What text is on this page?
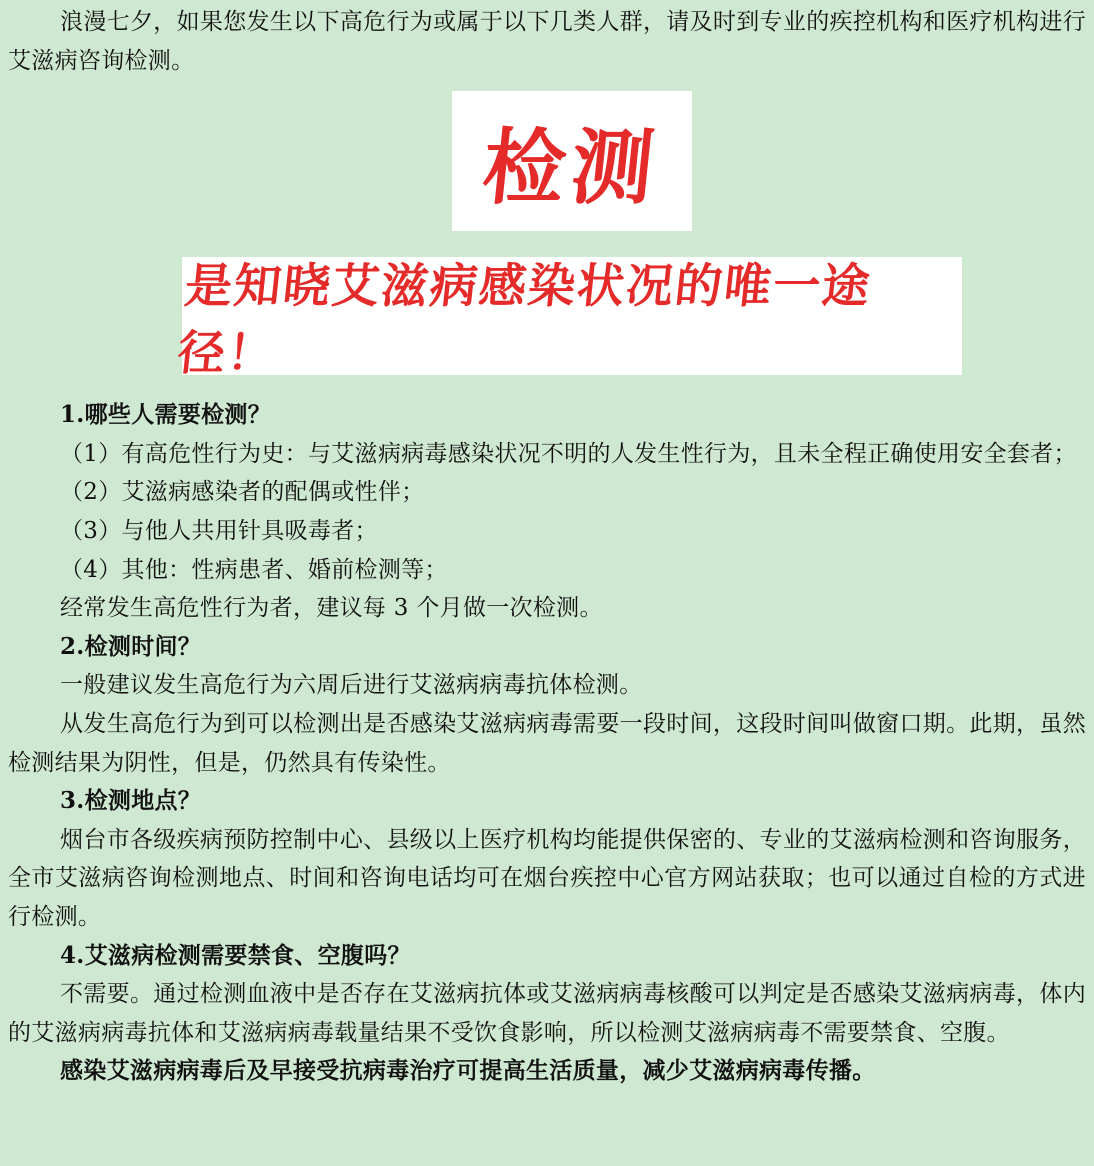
浪漫七夕，如果您发生以下高危行为或属于以下几类人群，请及时到专业的疾控机构和医疗机构进行艾滋病咨询检测。

检测
是知晓艾滋病感染状况的唯一途径！

1.哪些人需要检测？

（1）有高危性行为史：与艾滋病病毒感染状况不明的人发生性行为，且未全程正确使用安全套者；

（2）艾滋病感染者的配偶或性伴；

（3）与他人共用针具吸毒者；

（4）其他：性病患者、婚前检测等；

经常发生高危性行为者，建议每 3 个月做一次检测。

2.检测时间？

一般建议发生高危行为六周后进行艾滋病病毒抗体检测。

从发生高危行为到可以检测出是否感染艾滋病病毒需要一段时间，这段时间叫做窗口期。此期，虽然检测结果为阴性，但是，仍然具有传染性。

3.检测地点？

烟台市各级疾病预防控制中心、县级以上医疗机构均能提供保密的、专业的艾滋病检测和咨询服务，全市艾滋病咨询检测地点、时间和咨询电话均可在烟台疾控中心官方网站获取；也可以通过自检的方式进行检测。

4.艾滋病检测需要禁食、空腹吗？

不需要。通过检测血液中是否存在艾滋病抗体或艾滋病病毒核酸可以判定是否感染艾滋病病毒，体内的艾滋病病毒抗体和艾滋病病毒载量结果不受饮食影响，所以检测艾滋病病毒不需要禁食、空腹。

感染艾滋病病毒后及早接受抗病毒治疗可提高生活质量，减少艾滋病病毒传播。
